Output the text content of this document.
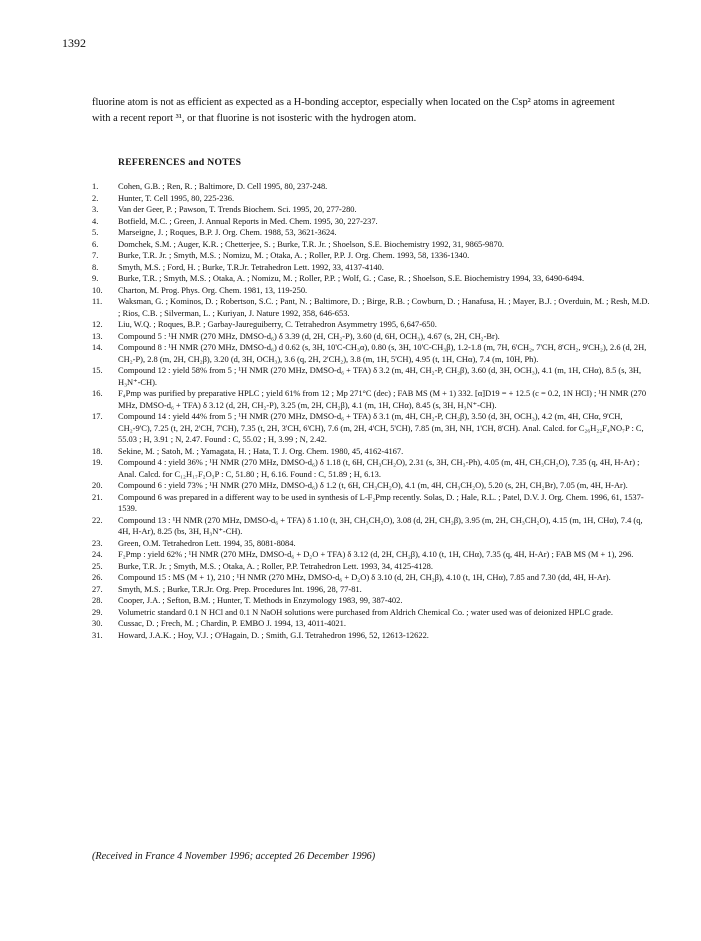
1392
fluorine atom is not as efficient as expected as a H-bonding acceptor, especially when located on the Csp² atoms in agreement with a recent report ³¹, or that fluorine is not isosteric with the hydrogen atom.
REFERENCES and NOTES
1.	Cohen, G.B. ; Ren, R. ; Baltimore, D. Cell 1995, 80, 237-248.
2.	Hunter, T. Cell 1995, 80, 225-236.
3.	Van der Geer, P. ; Pawson, T. Trends Biochem. Sci. 1995, 20, 277-280.
4.	Botfield, M.C. ; Green, J. Annual Reports in Med. Chem. 1995, 30, 227-237.
5.	Marseigne, J. ; Roques, B.P. J. Org. Chem. 1988, 53, 3621-3624.
6.	Domchek, S.M. ; Auger, K.R. ; Chetterjee, S. ; Burke, T.R. Jr. ; Shoelson, S.E. Biochemistry 1992, 31, 9865-9870.
7.	Burke, T.R. Jr. ; Smyth, M.S. ; Nomizu, M. ; Otaka, A. ; Roller, P.P. J. Org. Chem. 1993, 58, 1336-1340.
8.	Smyth, M.S. ; Ford, H. ; Burke, T.R.Jr. Tetrahedron Lett. 1992, 33, 4137-4140.
9.	Burke, T.R. ; Smyth, M.S. ; Otaka, A. ; Nomizu, M. ; Roller, P.P. ; Wolf, G. ; Case, R. ; Shoelson, S.E. Biochemistry 1994, 33, 6490-6494.
10.	Charton, M. Prog. Phys. Org. Chem. 1981, 13, 119-250.
11.	Waksman, G. ; Kominos, D. ; Robertson, S.C. ; Pant, N. ; Baltimore, D. ; Birge, R.B. ; Cowburn, D. ; Hanafusa, H. ; Mayer, B.J. ; Overduin, M. ; Resh, M.D. ; Rios, C.B. ; Silverman, L. ; Kuriyan, J. Nature 1992, 358, 646-653.
12.	Liu, W.Q. ; Roques, B.P. ; Garbay-Jaureguiberry, C. Tetrahedron Asymmetry 1995, 6,647-650.
13.	Compound 5 : ¹H NMR (270 MHz, DMSO-d₆) δ 3.39 (d, 2H, CH₂-P), 3.60 (d, 6H, OCH₃), 4.67 (s, 2H, CH₂-Br).
14.	Compound 8 : ¹H NMR (270 MHz, DMSO-d₆) d 0.62 (s, 3H, 10'C-CH₃α), 0.80 (s, 3H, 10'C-CH₃β), 1.2-1.8 (m, 7H, 6'CH₂, 7'CH, 8'CH₂, 9'CH₂), 2.6 (d, 2H, CH₂-P), 2.8 (m, 2H, CH₂β), 3.20 (d, 3H, OCH₃), 3.6 (q, 2H, 2'CH₂), 3.8 (m, 1H, 5'CH), 4.95 (t, 1H, CHα), 7.4 (m, 10H, Ph).
15.	Compound 12 : yield 58% from 5 ; ¹H NMR (270 MHz, DMSO-d₆ + TFA) δ 3.2 (m, 4H, CH₂-P, CH₂β), 3.60 (d, 3H, OCH₃), 4.1 (m, 1H, CHα), 8.5 (s, 3H, H₃N⁺-CH).
16.	F₄Pmp was purified by preparative HPLC ; yield 61% from 12 ; Mp 271°C (dec) ; FAB MS (M + 1) 332. [α]D19 = + 12.5 (c = 0.2, 1N HCl) ; ¹H NMR (270 MHz, DMSO-d₆ + TFA) δ 3.12 (d, 2H, CH₂-P), 3.25 (m, 2H, CH₂β), 4.1 (m, 1H, CHα), 8.45 (s, 3H, H₃N⁺-CH).
17.	Compound 14 : yield 44% from 5 ; ¹H NMR (270 MHz, DMSO-d₆ + TFA) δ 3.1 (m, 4H, CH₂-P, CH₂β), 3.50 (d, 3H, OCH₃), 4.2 (m, 4H, CHα, 9'CH, CH₂-9'C), 7.25 (t, 2H, 2'CH, 7'CH), 7.35 (t, 2H, 3'CH, 6'CH), 7.6 (m, 2H, 4'CH, 5'CH), 7.85 (m, 3H, NH, 1'CH, 8'CH). Anal. Calcd. for C₂₆H₂₂F₄NO₇P : C, 55.03 ; H, 3.91 ; N, 2.47. Found : C, 55.02 ; H, 3.99 ; N, 2.42.
18.	Sekine, M. ; Satoh, M. ; Yamagata, H. ; Hata, T. J. Org. Chem. 1980, 45, 4162-4167.
19.	Compound 4 : yield 36% ; ¹H NMR (270 MHz, DMSO-d₆) δ 1.18 (t, 6H, CH₃CH₂O), 2.31 (s, 3H, CH₃-Ph), 4.05 (m, 4H, CH₃CH₂O), 7.35 (q, 4H, H-Ar) ; Anal. Calcd. for C₁₂H₁₇F₂O₃P : C, 51.80 ; H, 6.16. Found : C, 51.89 ; H, 6.13.
20.	Compound 6 : yield 73% ; ¹H NMR (270 MHz, DMSO-d₆) δ 1.2 (t, 6H, CH₃CH₂O), 4.1 (m, 4H, CH₃CH₂O), 5.20 (s, 2H, CH₂Br), 7.05 (m, 4H, H-Ar).
21.	Compound 6 was prepared in a different way to be used in synthesis of L-F₂Pmp recently. Solas, D. ; Hale, R.L. ; Patel, D.V. J. Org. Chem. 1996, 61, 1537-1539.
22.	Compound 13 : ¹H NMR (270 MHz, DMSO-d₆ + TFA) δ 1.10 (t, 3H, CH₃CH₂O), 3.08 (d, 2H, CH₂β), 3.95 (m, 2H, CH₃CH₂O), 4.15 (m, 1H, CHα), 7.4 (q, 4H, H-Ar), 8.25 (bs, 3H, H₃N⁺-CH).
23.	Green, O.M. Tetrahedron Lett. 1994, 35, 8081-8084.
24.	F₂Pmp : yield 62% ; ¹H NMR (270 MHz, DMSO-d₆ + D₂O + TFA) δ 3.12 (d, 2H, CH₂β), 4.10 (t, 1H, CHα), 7.35 (q, 4H, H-Ar) ; FAB MS (M + 1), 296.
25.	Burke, T.R. Jr. ; Smyth, M.S. ; Otaka, A. ; Roller, P.P. Tetrahedron Lett. 1993, 34, 4125-4128.
26.	Compound 15 : MS (M + 1), 210 ; ¹H NMR (270 MHz, DMSO-d₆ + D₂O) δ 3.10 (d, 2H, CH₂β), 4.10 (t, 1H, CHα), 7.85 and 7.30 (dd, 4H, H-Ar).
27.	Smyth, M.S. ; Burke, T.R.Jr. Org. Prep. Procedures Int. 1996, 28, 77-81.
28.	Cooper, J.A. ; Sefton, B.M. ; Hunter, T. Methods in Enzymology 1983, 99, 387-402.
29.	Volumetric standard 0.1 N HCl and 0.1 N NaOH solutions were purchased from Aldrich Chemical Co. ; water used was of deionized HPLC grade.
30.	Cussac, D. ; Frech, M. ; Chardin, P. EMBO J. 1994, 13, 4011-4021.
31.	Howard, J.A.K. ; Hoy, V.J. ; O'Hagain, D. ; Smith, G.I. Tetrahedron 1996, 52, 12613-12622.
(Received in France 4 November 1996; accepted 26 December 1996)
